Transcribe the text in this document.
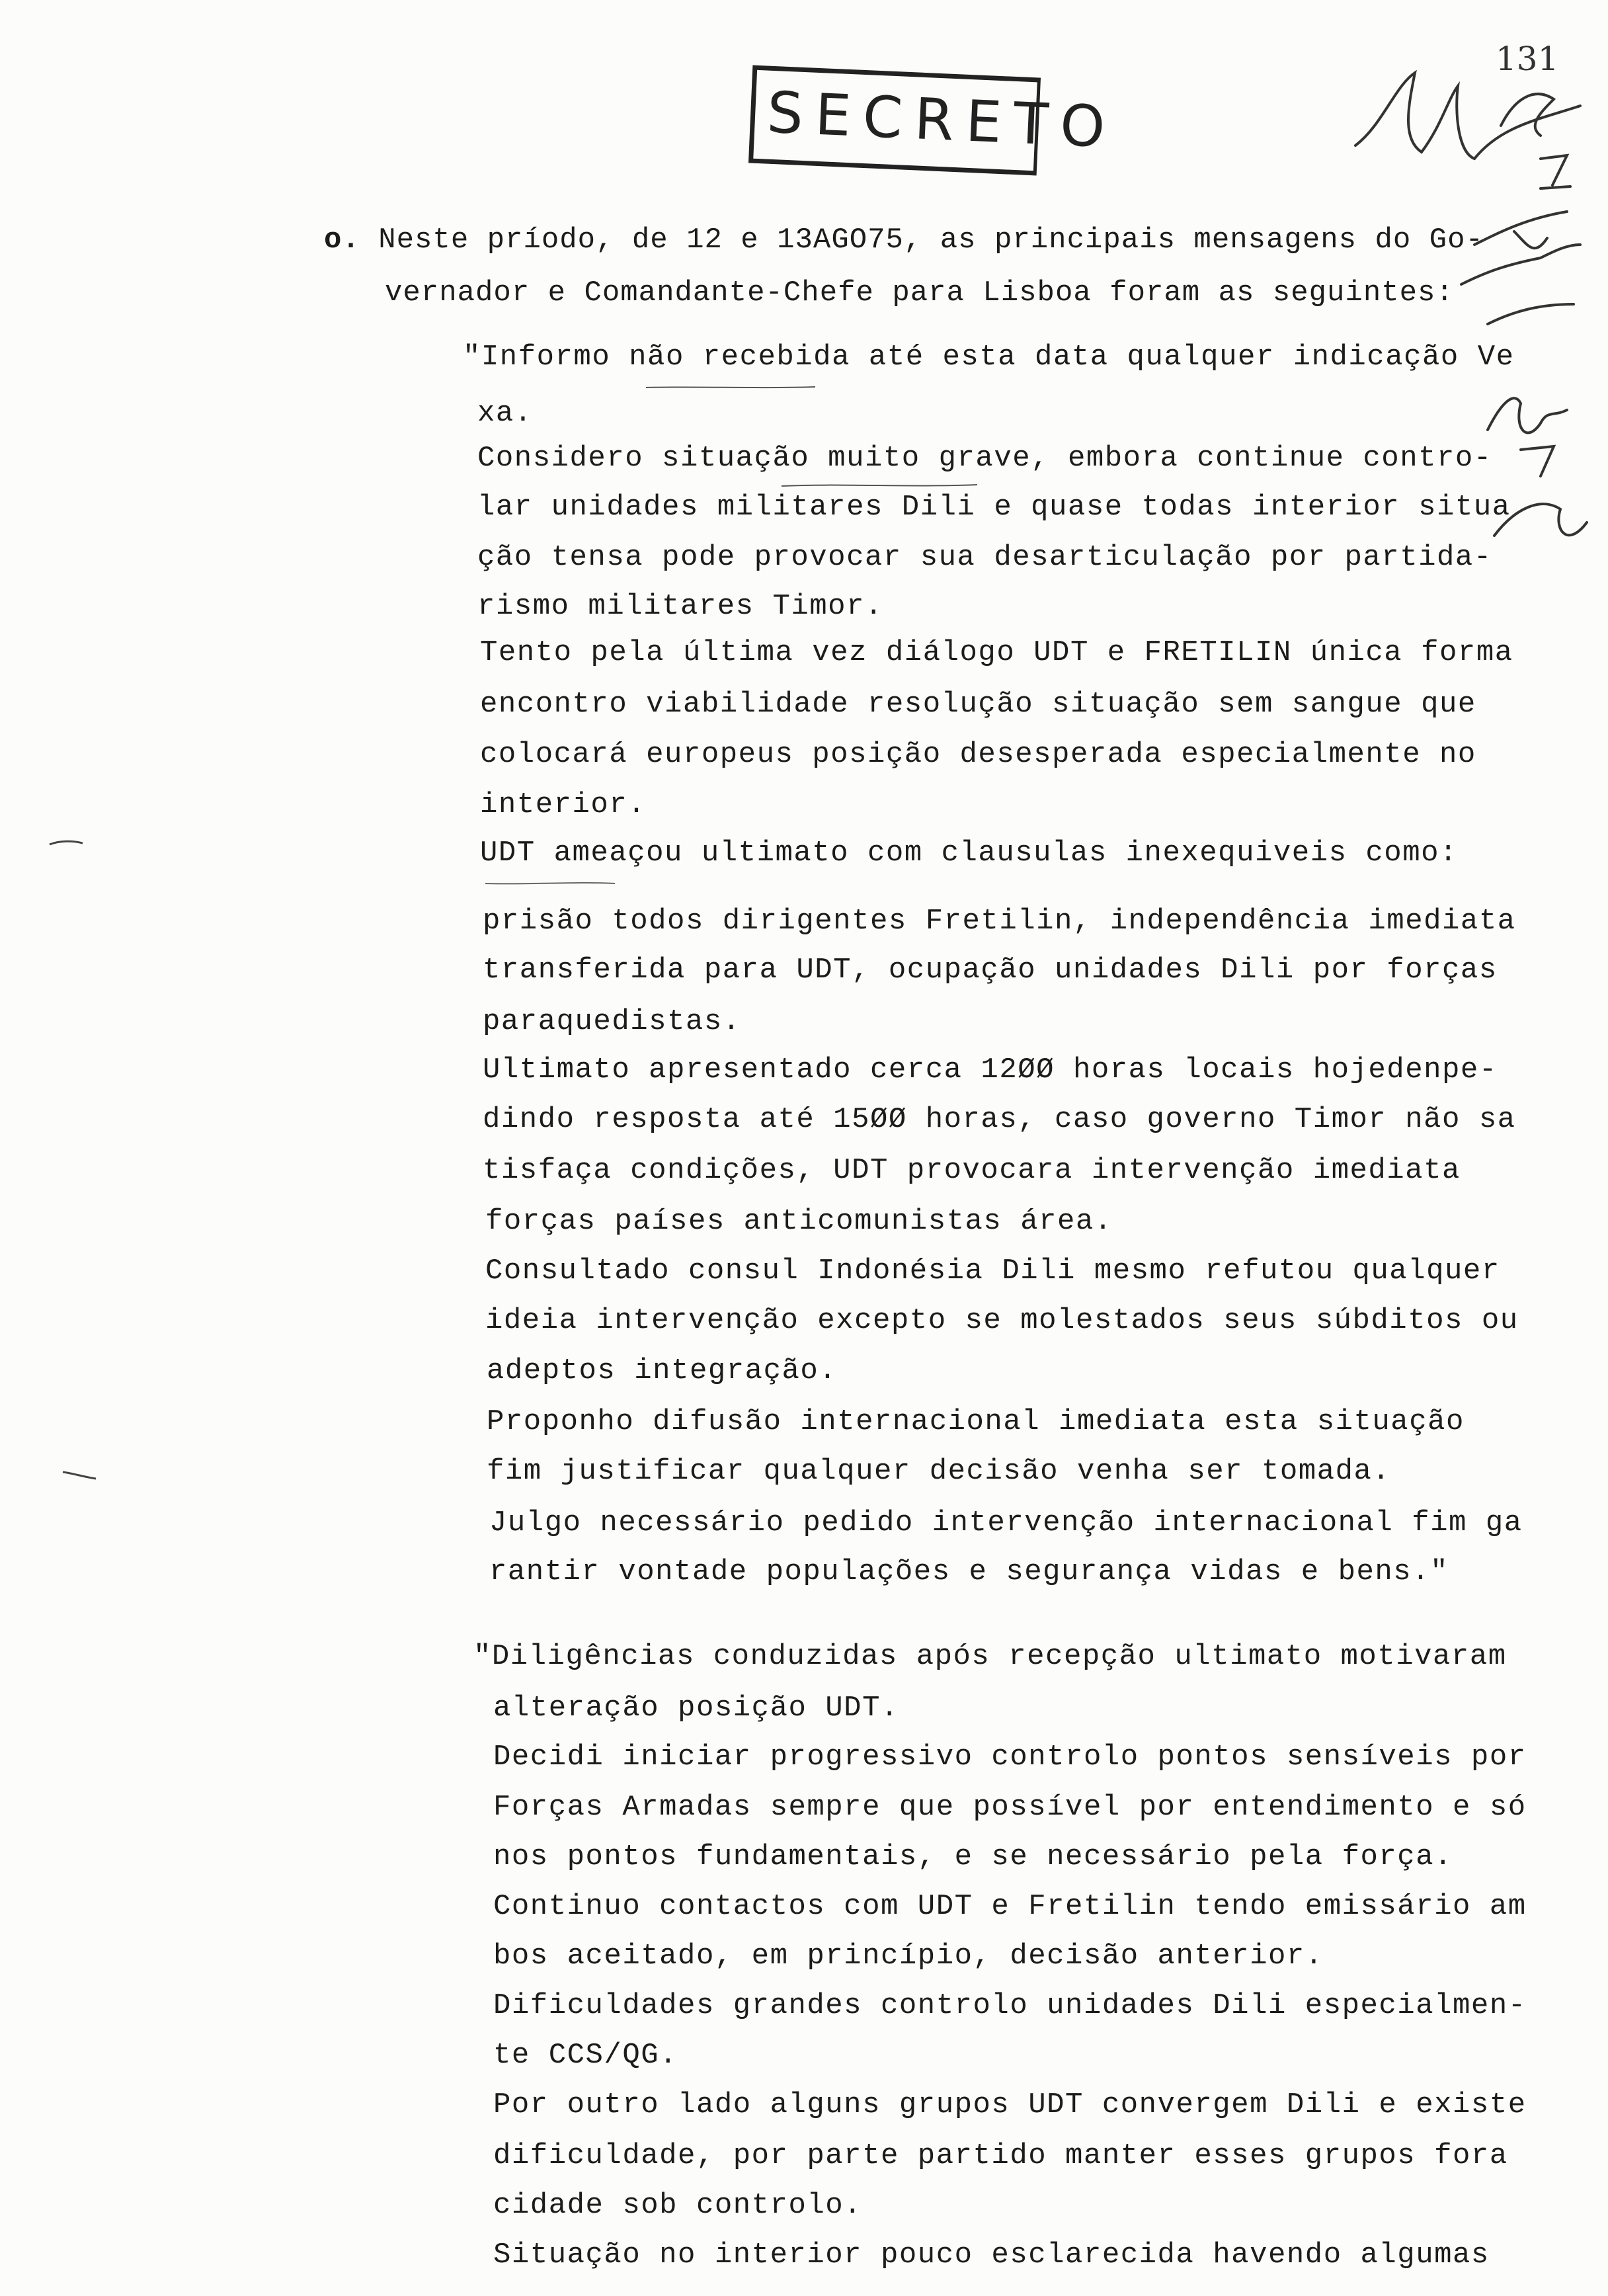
131
SECRETO
o. Neste príodo, de 12 e 13AGO75, as principais mensagens do Go-
vernador e Comandante-Chefe para Lisboa foram as seguintes:
"Informo não recebida até esta data qualquer indicação Ve
xa.
Considero situação muito grave, embora continue contro-
lar unidades militares Dili e quase todas interior situa
ção tensa pode provocar sua desarticulação por partida-
rismo militares Timor.
Tento pela última vez diálogo UDT e FRETILIN única forma
encontro viabilidade resolução situação sem sangue que
colocará europeus posição desesperada especialmente no
interior.
UDT ameaçou ultimato com clausulas inexequiveis como:
prisão todos dirigentes Fretilin, independência imediata
transferida para UDT, ocupação unidades Dili por forças
paraquedistas.
Ultimato apresentado cerca 12ØØ horas locais hojedenpe-
dindo resposta até 15ØØ horas, caso governo Timor não sa
tisfaça condições, UDT provocara intervenção imediata
forças países anticomunistas área.
Consultado consul Indonésia Dili mesmo refutou qualquer
ideia intervenção excepto se molestados seus súbditos ou
adeptos integração.
Proponho difusão internacional imediata esta situação
fim justificar qualquer decisão venha ser tomada.
Julgo necessário pedido intervenção internacional fim ga
rantir vontade populações e segurança vidas e bens."
"Diligências conduzidas após recepção ultimato motivaram
alteração posição UDT.
Decidi iniciar progressivo controlo pontos sensíveis por
Forças Armadas sempre que possível por entendimento e só
nos pontos fundamentais, e se necessário pela força.
Continuo contactos com UDT e Fretilin tendo emissário am
bos aceitado, em princípio, decisão anterior.
Dificuldades grandes controlo unidades Dili especialmen-
te CCS/QG.
Por outro lado alguns grupos UDT convergem Dili e existe
dificuldade, por parte partido manter esses grupos fora
cidade sob controlo.
Situação no interior pouco esclarecida havendo algumas
